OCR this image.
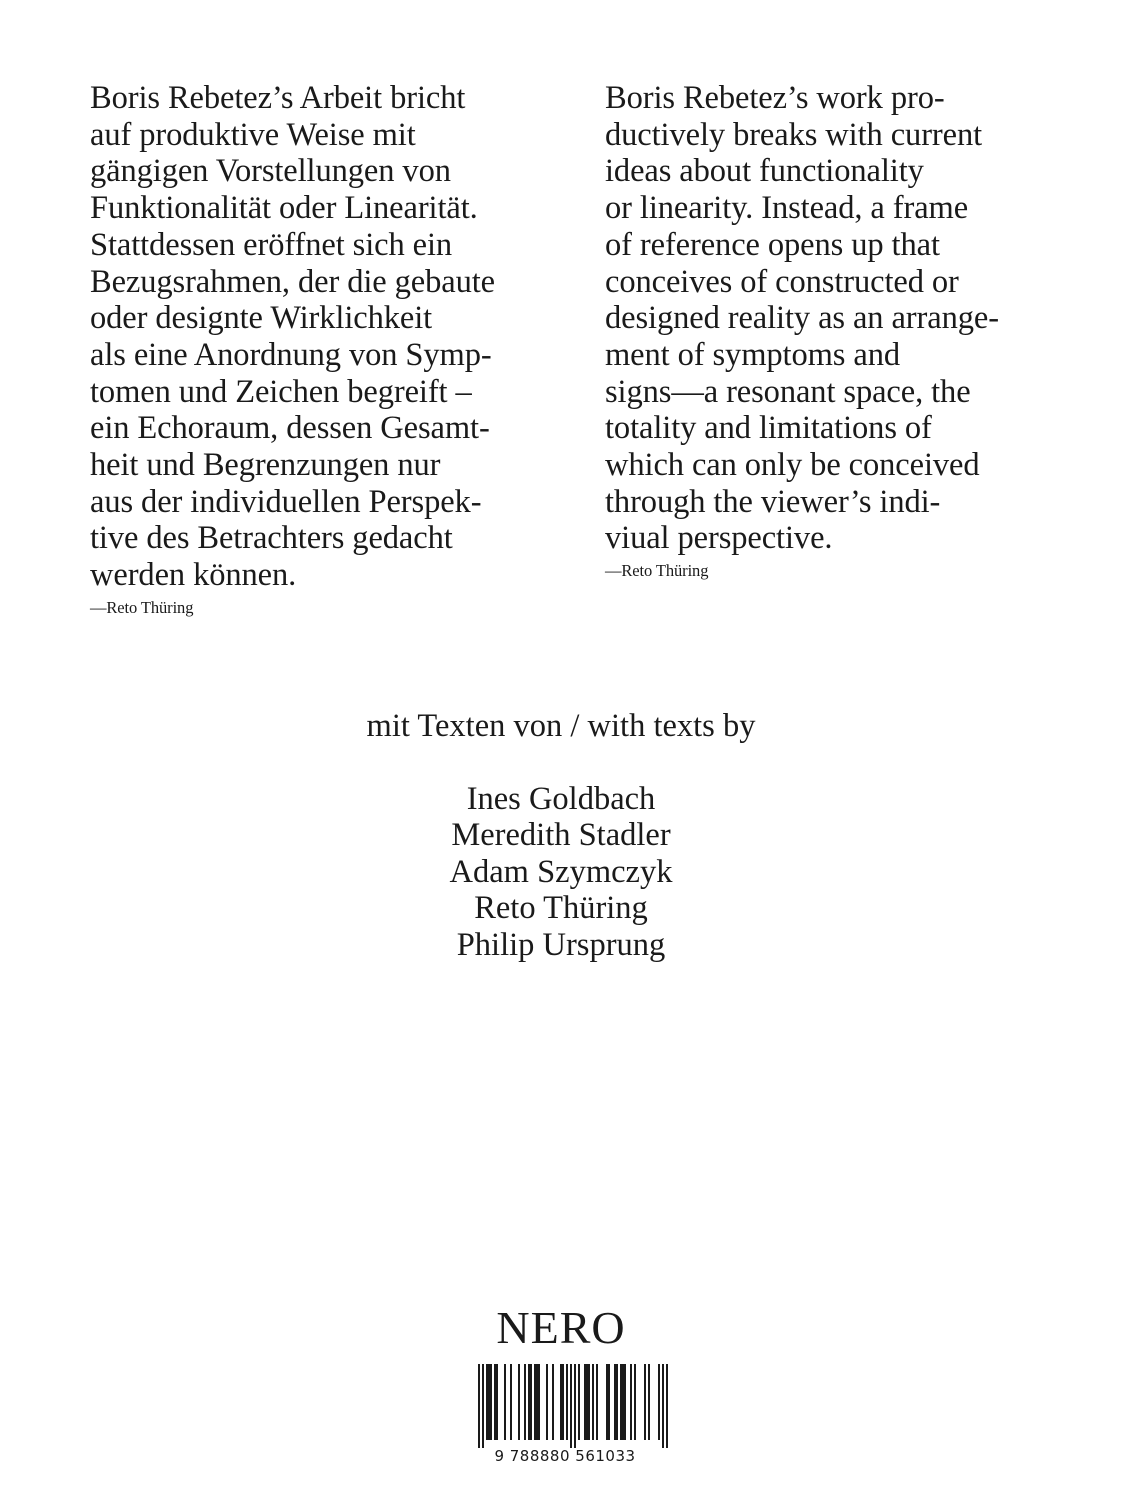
Boris Rebetez’s Arbeit bricht
auf produktive Weise mit
gängigen Vorstellungen von
Funktionalität oder Linearität.
Stattdessen eröffnet sich ein
Bezugsrahmen, der die gebaute
oder designte Wirklichkeit
als eine Anordnung von Symp-
tomen und Zeichen begreift –
ein Echoraum, dessen Gesamt-
heit und Begrenzungen nur
aus der individuellen Perspek-
tive des Betrachters gedacht
werden können.
—Reto Thüring
Boris Rebetez’s work pro-
ductively breaks with current
ideas about functionality
or linearity. Instead, a frame
of reference opens up that
conceives of constructed or
designed reality as an arrange-
ment of symptoms and
signs—a resonant space, the
totality and limitations of
which can only be conceived
through the viewer’s indi-
viual perspective.
—Reto Thüring
mit Texten von / with texts by
Ines Goldbach
Meredith Stadler
Adam Szymczyk
Reto Thüring
Philip Ursprung
NERO
9 788880 561033
